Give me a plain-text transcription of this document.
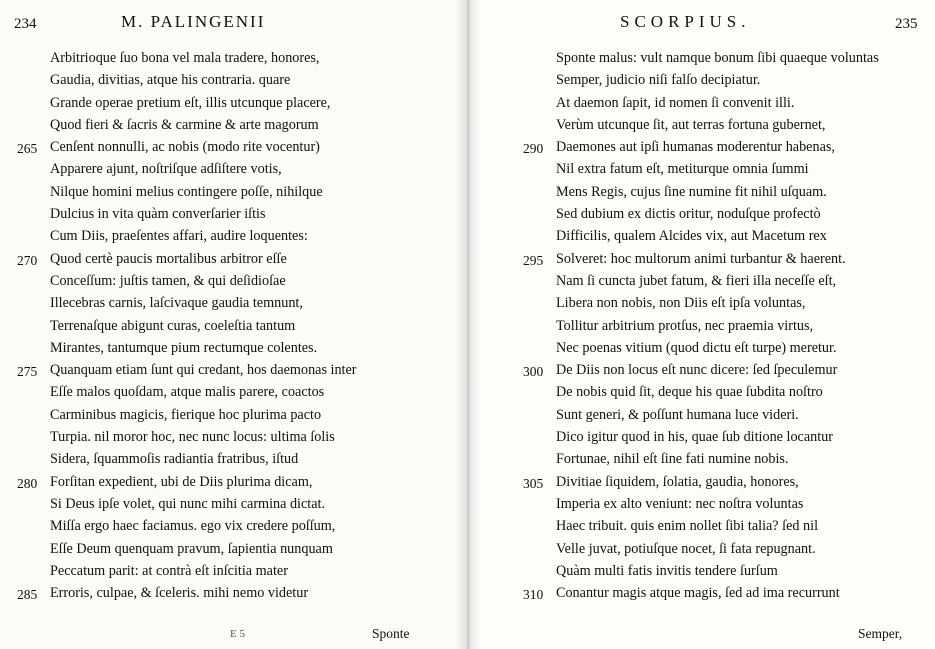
234	M. PALINGENII
Arbitrioque ſuo bona vel mala tradere, honores,
Gaudia, divitias, atque his contraria. quare
Grande operae pretium eſt, illis utcunque placere,
Quod fieri & ſacris & carmine & arte magorum
265 Cenſent nonnulli, ac nobis (modo rite vocentur)
Apparere ajunt, noſtriſque adſiſtere votis,
Nilque homini melius contingere poſſe, nihilque
Dulcius in vita quàm converſarier iſtis
Cum Diis, praeſentes affari, audire loquentes:
270 Quod certè paucis mortalibus arbitror eſſe
Conceſſum: juſtis tamen, & qui deſidioſae
Illecebras carnis, laſcivaque gaudia temnunt,
Terrenaſque abigunt curas, coeleſtia tantum
Mirantes, tantumque pium rectumque colentes.
275 Quanquam etiam ſunt qui credant, hos daemonas inter
Eſſe malos quoſdam, atque malis parere, coactos
Carminibus magicis, fierique hoc plurima pacto
Turpia. nil moror hoc, nec nunc locus: ultima ſolis
Sidera, ſquammoſis radiantia fratribus, iſtud
280 Forſitan expedient, ubi de Diis plurima dicam,
Si Deus ipſe volet, qui nunc mihi carmina dictat.
Miſſa ergo haec faciamus. ego vix credere poſſum,
Eſſe Deum quenquam pravum, ſapientia nunquam
Peccatum parit: at contrà eſt inſcitia mater
285 Erroris, culpae, & ſceleris. mihi nemo videtur
E 5	Sponte
SCORPIUS.	235
Sponte malus: vult namque bonum ſibi quaeque voluntas
Semper, judicio niſi falſo decipiatur.
At daemon ſapit, id nomen ſi convenit illi.
Verùm utcunque ſit, aut terras fortuna gubernet,
290 Daemones aut ipſi humanas moderentur habenas,
Nil extra fatum eſt, metiturque omnia ſummi
Mens Regis, cujus ſine numine fit nihil uſquam.
Sed dubium ex dictis oritur, noduſque profectò
Difficilis, qualem Alcides vix, aut Macetum rex
295 Solveret: hoc multorum animi turbantur & haerent.
Nam ſi cuncta jubet fatum, & fieri illa neceſſe eſt,
Libera non nobis, non Diis eſt ipſa voluntas,
Tollitur arbitrium protſus, nec praemia virtus,
Nec poenas vitium (quod dictu eſt turpe) meretur.
300 De Diis non locus eſt nunc dicere: ſed ſpeculemur
De nobis quid ſit, deque his quae ſubdita noſtro
Sunt generi, & poſſunt humana luce videri.
Dico igitur quod in his, quae ſub ditione locantur
Fortunae, nihil eſt ſine fati numine nobis.
305 Divitiae ſiquidem, ſolatia, gaudia, honores,
Imperia ex alto veniunt: nec noſtra voluntas
Haec tribuit. quis enim nollet ſibi talia? ſed nil
Velle juvat, potiuſque nocet, ſi fata repugnant.
Quàm multi fatis invitis tendere ſurſum
310 Conantur magis atque magis, ſed ad ima recurrunt
Semper,
